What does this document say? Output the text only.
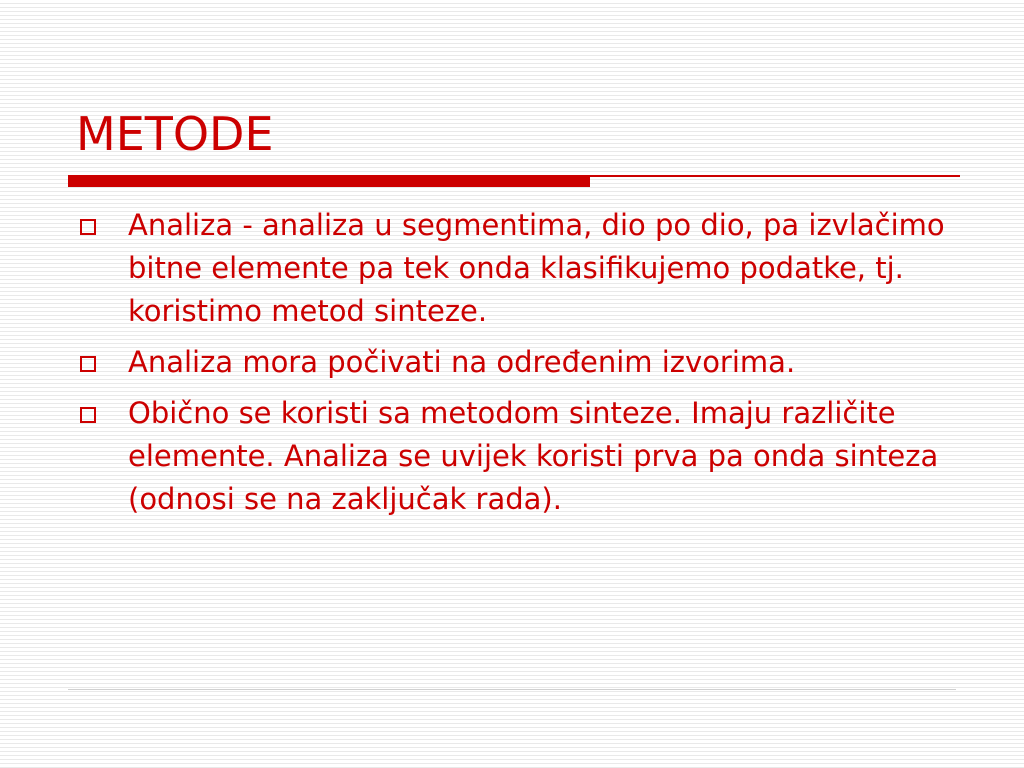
METODE
Analiza - analiza u segmentima, dio po dio, pa izvlačimo bitne elemente pa tek onda klasifikujemo podatke, tj. koristimo metod sinteze.
Analiza mora počivati na određenim izvorima.
Obično se koristi sa metodom sinteze. Imaju različite elemente. Analiza se uvijek koristi prva pa onda sinteza (odnosi se na zaključak rada).
